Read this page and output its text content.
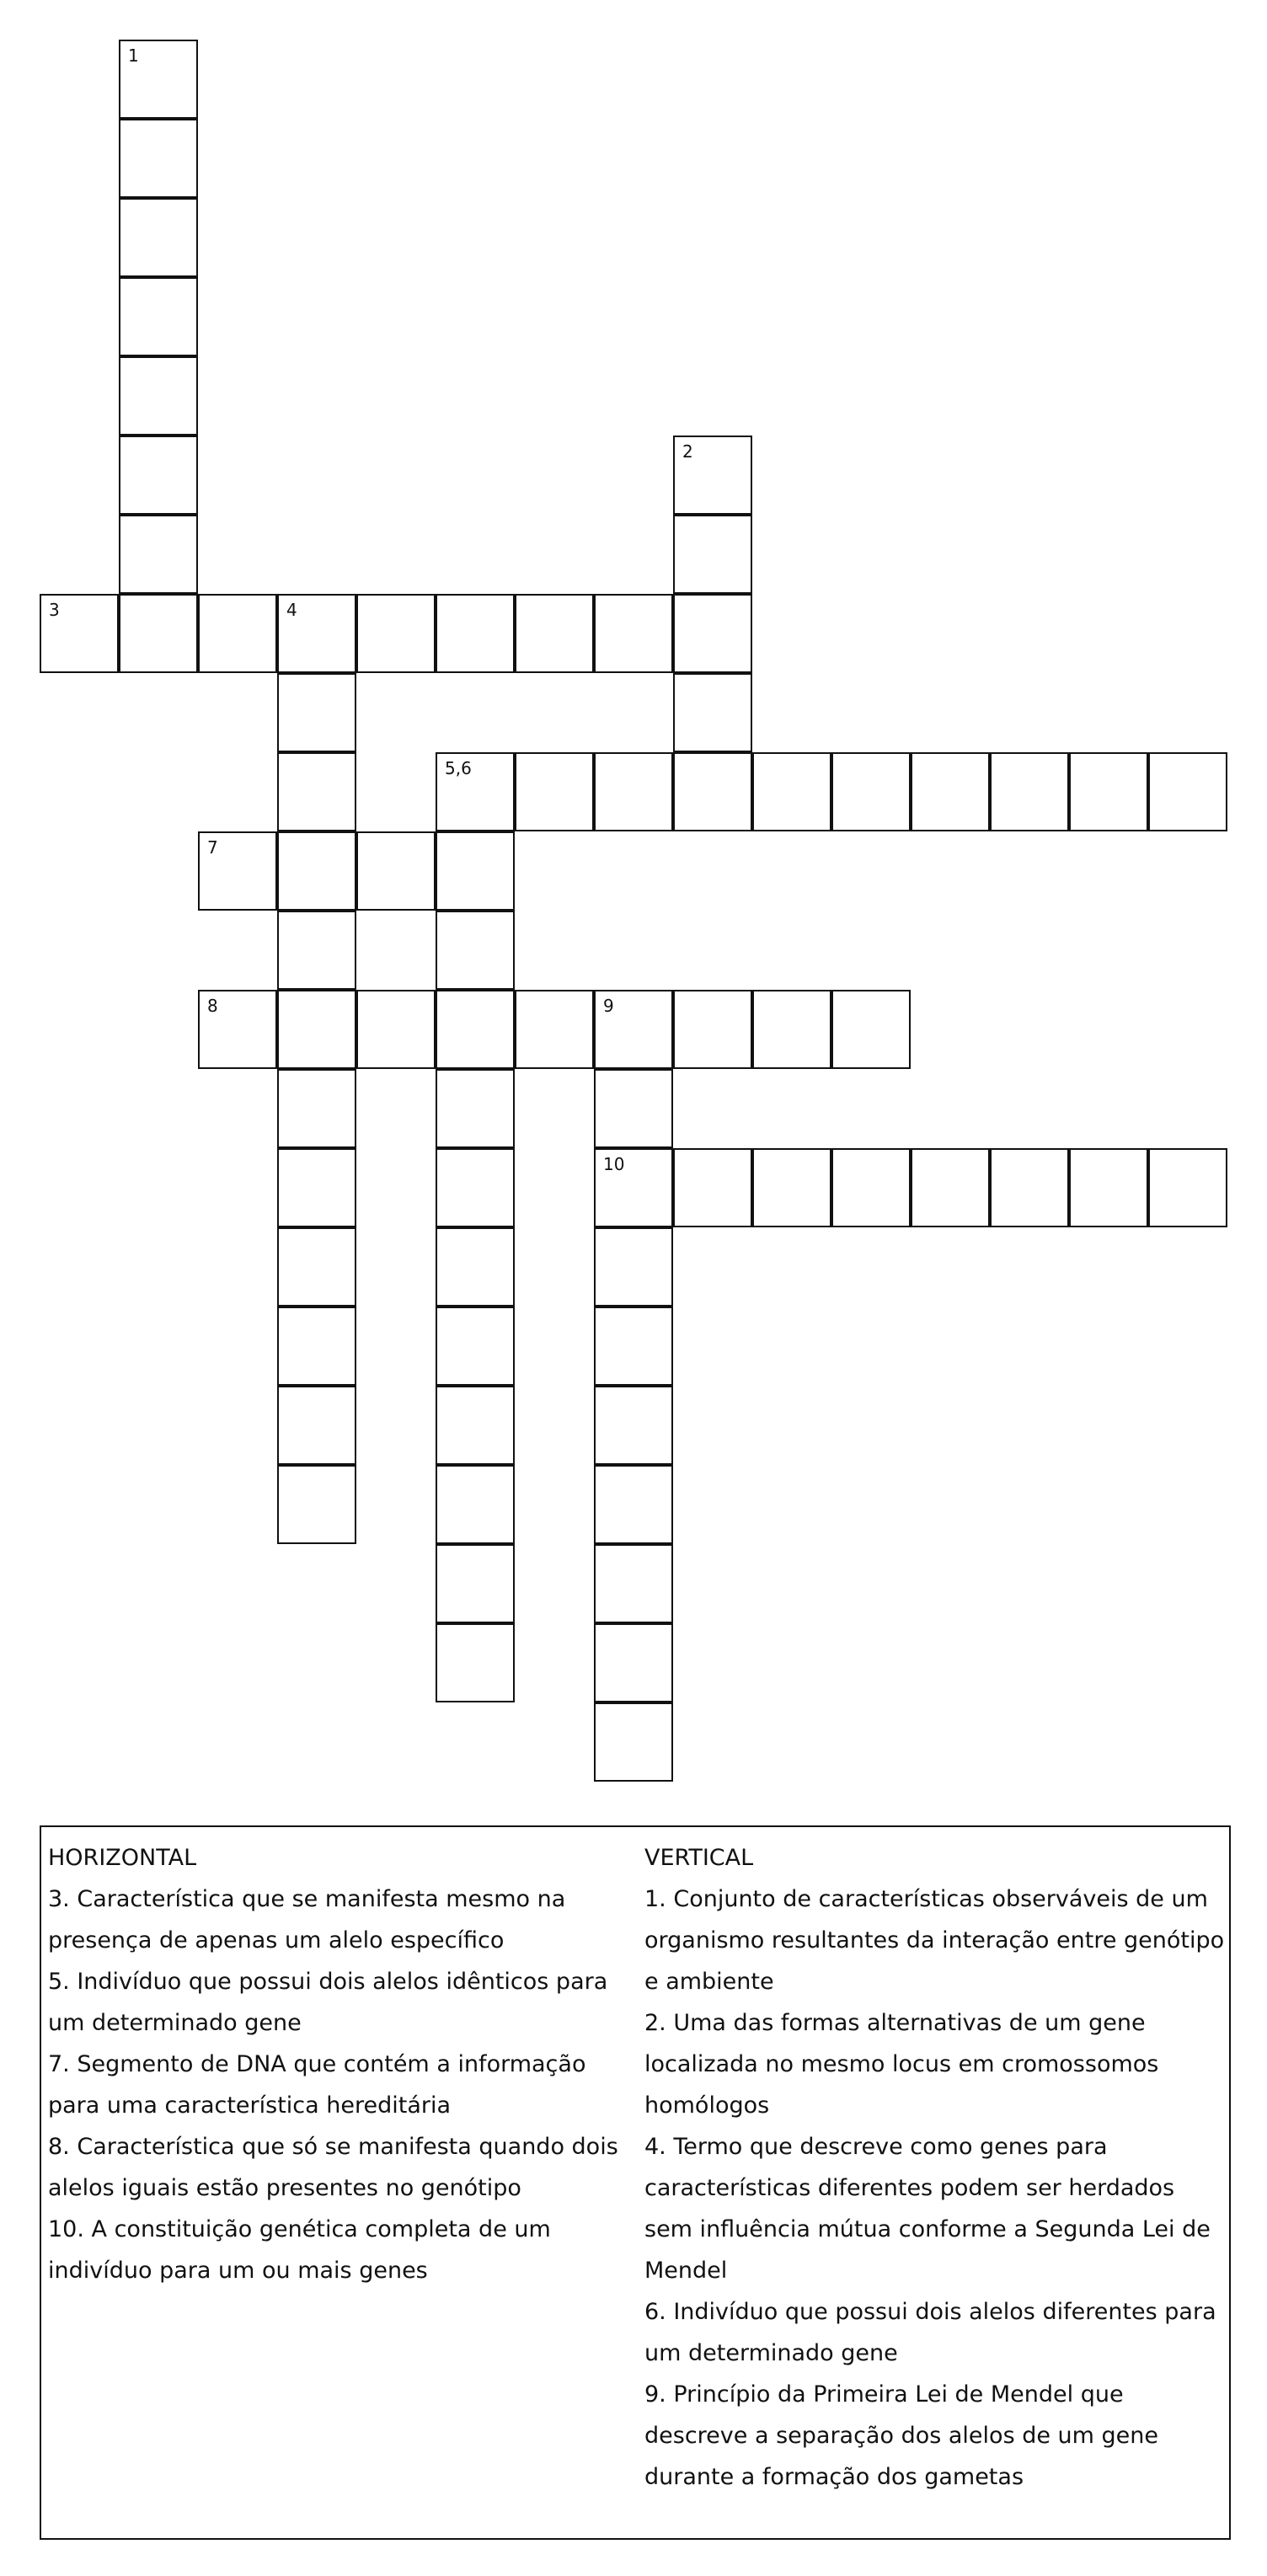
1
2
3	4
5,6
7
8	9
10
HORIZONTAL
3. Característica que se manifesta mesmo na presença de apenas um alelo específico
5. Indivíduo que possui dois alelos idênticos para um determinado gene
7. Segmento de DNA que contém a informação para uma característica hereditária
8. Característica que só se manifesta quando dois alelos iguais estão presentes no genótipo
10. A constituição genética completa de um indivíduo para um ou mais genes
VERTICAL
1. Conjunto de características observáveis de um organismo resultantes da interação entre genótipo e ambiente
2. Uma das formas alternativas de um gene localizada no mesmo locus em cromossomos homólogos
4. Termo que descreve como genes para características diferentes podem ser herdados sem influência mútua conforme a Segunda Lei de Mendel
6. Indivíduo que possui dois alelos diferentes para um determinado gene
9. Princípio da Primeira Lei de Mendel que descreve a separação dos alelos de um gene durante a formação dos gametas
